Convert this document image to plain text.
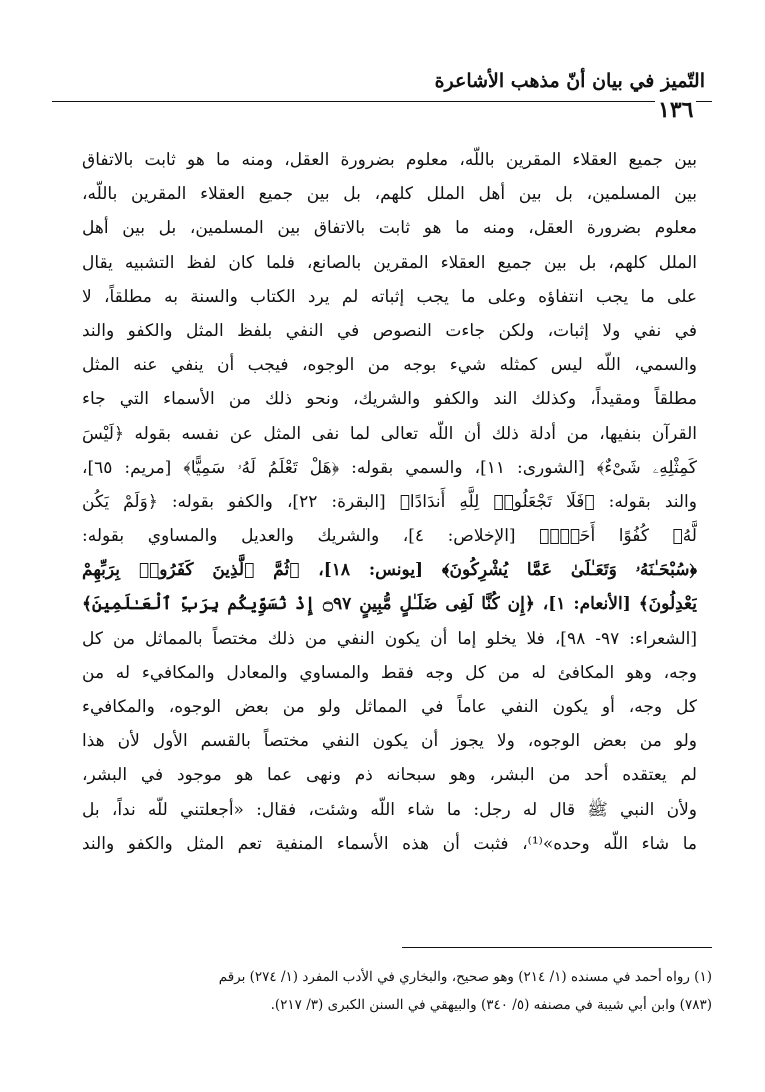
التّميز في بيان أنّ مذهب الأشاعرة
١٣٦
بين جميع العقلاء المقرين باللّه، معلوم بضرورة العقل، ومنه ما هو ثابت بالاتفاق
بين المسلمين، بل بين أهل الملل كلهم، بل بين جميع العقلاء المقرين باللّه،
معلوم بضرورة العقل، ومنه ما هو ثابت بالاتفاق بين المسلمين، بل بين أهل
الملل كلهم، بل بين جميع العقلاء المقرين بالصانع، فلما كان لفظ التشبيه يقال
على ما يجب انتفاؤه وعلى ما يجب إثباته لم يرد الكتاب والسنة به مطلقاً، لا
في نفي ولا إثبات، ولكن جاءت النصوص في النفي بلفظ المثل والكفو والند
والسمي، اللّه ليس كمثله شيء بوجه من الوجوه، فيجب أن ينفي عنه المثل
مطلقاً ومقيداً، وكذلك الند والكفو والشريك، ونحو ذلك من الأسماء التي جاء
القرآن بنفيها، من أدلة ذلك أن اللّه تعالى لما نفى المثل عن نفسه بقوله ﴿لَيْسَ
كَمِثْلِهِۦ شَىْءٌ﴾ [الشورى: ١١]، والسمي بقوله: ﴿هَلْ تَعْلَمُ لَهُۥ سَمِيًّا﴾ [مريم: ٦٥]،
والند بقوله: ﴿فَلَا تَجْعَلُوا۟ لِلَّهِ أَندَادًا﴾ [البقرة: ٢٢]، والكفو بقوله: ﴿وَلَمْ يَكُن
لَّهُۥ كُفُوًا أَحَدٌۢ﴾ [الإخلاص: ٤]، والشريك والعديل والمساوي بقوله:
﴿سُبْحَـٰنَهُۥ وَتَعَـٰلَىٰ عَمَّا يُشْرِكُونَ﴾ [يونس: ١٨]، ﴿ثُمَّ ٱلَّذِينَ كَفَرُوا۟ بِرَبِّهِمْ
يَعْدِلُونَ﴾ [الأنعام: ١]، ﴿إِن كُنَّا لَفِى ضَلَـٰلٍ مُّبِينٍ ۝٩٧ إِذْ نُسَوِّيكُم بِرَبِّ ٱلْعَـٰلَمِينَ﴾
[الشعراء: ٩٧- ٩٨]، فلا يخلو إما أن يكون النفي من ذلك مختصاً بالمماثل من كل
وجه، وهو المكافئ له من كل وجه فقط والمساوي والمعادل والمكافيء له من
كل وجه، أو يكون النفي عاماً في المماثل ولو من بعض الوجوه، والمكافيء
ولو من بعض الوجوه، ولا يجوز أن يكون النفي مختصاً بالقسم الأول لأن هذا
لم يعتقده أحد من البشر، وهو سبحانه ذم ونهى عما هو موجود في البشر،
ولأن النبي ﷺ قال له رجل: ما شاء اللّه وشئت، فقال: «أجعلتني للّه نداً، بل
ما شاء اللّه وحده»⁽¹⁾، فثبت أن هذه الأسماء المنفية تعم المثل والكفو والند
(١) رواه أحمد في مسنده (١/ ٢١٤) وهو صحيح، والبخاري في الأدب المفرد (١/ ٢٧٤) برقم
(٧٨٣) وابن أبي شيبة في مصنفه (٥/ ٣٤٠) والبيهقي في السنن الكبرى (٣/ ٢١٧).
